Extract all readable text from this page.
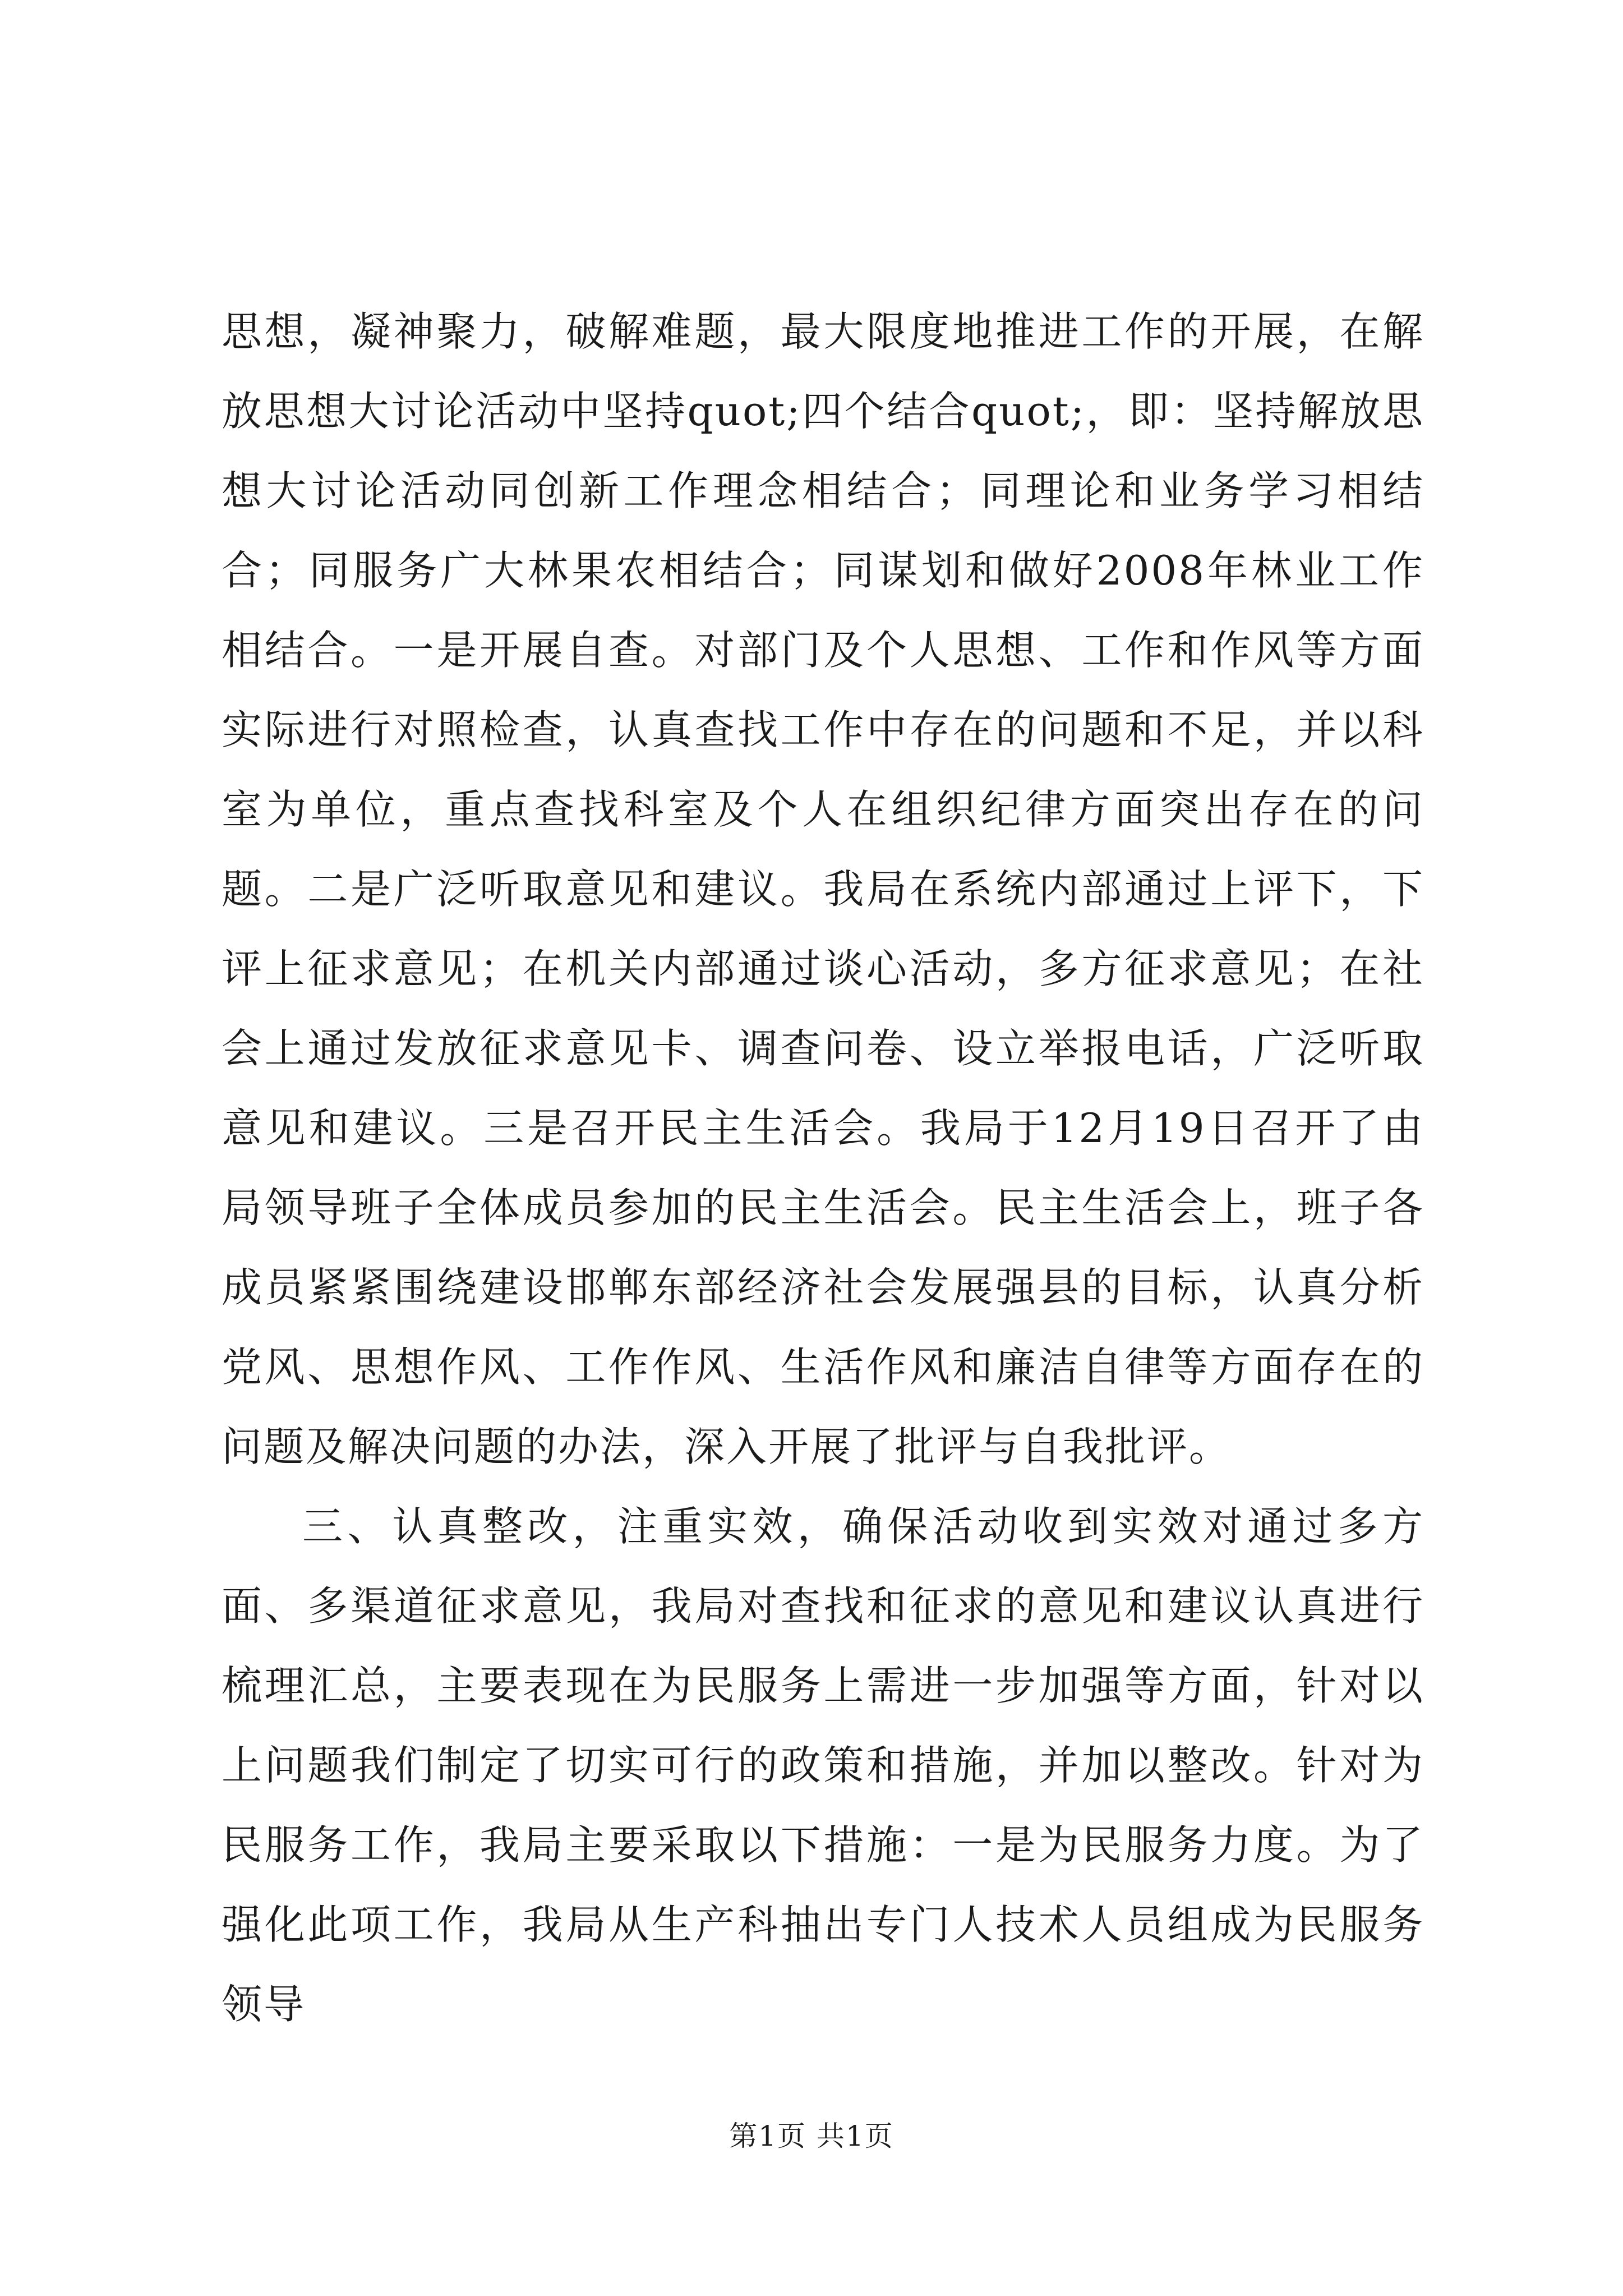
思想，凝神聚力，破解难题，最大限度地推进工作的开展，在解放思想大讨论活动中坚持quot;四个结合quot;，即：坚持解放思想大讨论活动同创新工作理念相结合；同理论和业务学习相结合；同服务广大林果农相结合；同谋划和做好2008年林业工作相结合。一是开展自查。对部门及个人思想、工作和作风等方面实际进行对照检查，认真查找工作中存在的问题和不足，并以科室为单位，重点查找科室及个人在组织纪律方面突出存在的问题。二是广泛听取意见和建议。我局在系统内部通过上评下，下评上征求意见；在机关内部通过谈心活动，多方征求意见；在社会上通过发放征求意见卡、调查问卷、设立举报电话，广泛听取意见和建议。三是召开民主生活会。我局于12月19日召开了由局领导班子全体成员参加的民主生活会。民主生活会上，班子各成员紧紧围绕建设邯郸东部经济社会发展强县的目标，认真分析党风、思想作风、工作作风、生活作风和廉洁自律等方面存在的问题及解决问题的办法，深入开展了批评与自我批评。

三、认真整改，注重实效，确保活动收到实效对通过多方面、多渠道征求意见，我局对查找和征求的意见和建议认真进行梳理汇总，主要表现在为民服务上需进一步加强等方面，针对以上问题我们制定了切实可行的政策和措施，并加以整改。针对为民服务工作，我局主要采取以下措施：一是为民服务力度。为了强化此项工作，我局从生产科抽出专门人技术人员组成为民服务领导

第1页 共1页
